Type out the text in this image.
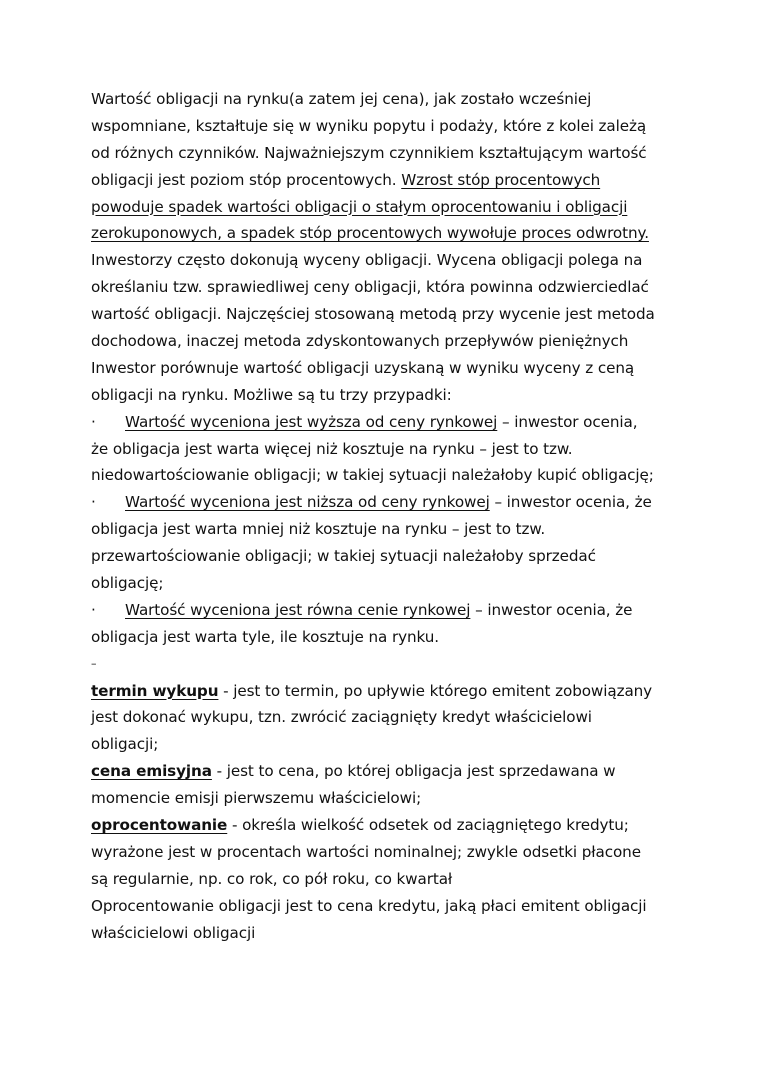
Wartość obligacji na rynku(a zatem jej cena), jak zostało wcześniej
wspomniane, kształtuje się w wyniku popytu i podaży, które z kolei zależą
od różnych czynników. Najważniejszym czynnikiem kształtującym wartość
obligacji jest poziom stóp procentowych. Wzrost stóp procentowych
powoduje spadek wartości obligacji o stałym oprocentowaniu i obligacji
zerokuponowych, a spadek stóp procentowych wywołuje proces odwrotny.
Inwestorzy często dokonują wyceny obligacji. Wycena obligacji polega na
określaniu tzw. sprawiedliwej ceny obligacji, która powinna odzwierciedlać
wartość obligacji. Najczęściej stosowaną metodą przy wycenie jest metoda
dochodowa, inaczej metoda zdyskontowanych przepływów pieniężnych
Inwestor porównuje wartość obligacji uzyskaną w wyniku wyceny z ceną
obligacji na rynku. Możliwe są tu trzy przypadki:
· Wartość wyceniona jest wyższa od ceny rynkowej – inwestor ocenia,
że obligacja jest warta więcej niż kosztuje na rynku – jest to tzw.
niedowartościowanie obligacji; w takiej sytuacji należałoby kupić obligację;
· Wartość wyceniona jest niższa od ceny rynkowej – inwestor ocenia, że
obligacja jest warta mniej niż kosztuje na rynku – jest to tzw.
przewartościowanie obligacji; w takiej sytuacji należałoby sprzedać
obligację;
· Wartość wyceniona jest równa cenie rynkowej – inwestor ocenia, że
obligacja jest warta tyle, ile kosztuje na rynku.
–
termin wykupu - jest to termin, po upływie którego emitent zobowiązany
jest dokonać wykupu, tzn. zwrócić zaciągnięty kredyt właścicielowi
obligacji;
cena emisyjna - jest to cena, po której obligacja jest sprzedawana w
momencie emisji pierwszemu właścicielowi;
oprocentowanie - określa wielkość odsetek od zaciągniętego kredytu;
wyrażone jest w procentach wartości nominalnej; zwykle odsetki płacone
są regularnie, np. co rok, co pół roku, co kwartał
Oprocentowanie obligacji jest to cena kredytu, jaką płaci emitent obligacji
właścicielowi obligacji
